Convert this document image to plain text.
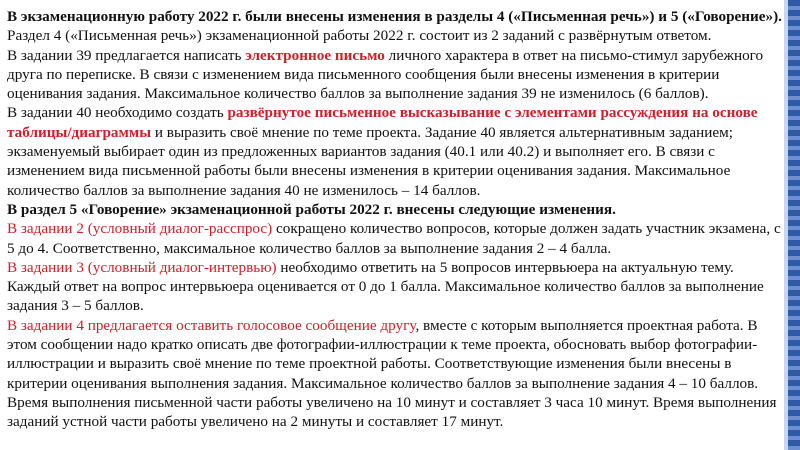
В экзаменационную работу 2022 г. были внесены изменения в разделы 4 («Письменная речь») и 5 («Говорение»).

Раздел 4 («Письменная речь») экзаменационной работы 2022 г. состоит из 2 заданий с развёрнутым ответом.

В задании 39 предлагается написать электронное письмо личного характера в ответ на письмо-стимул зарубежного друга по переписке. В связи с изменением вида письменного сообщения были внесены изменения в критерии оценивания задания. Максимальное количество баллов за выполнение задания 39 не изменилось (6 баллов).

В задании 40 необходимо создать развёрнутое письменное высказывание с элементами рассуждения на основе таблицы/диаграммы и выразить своё мнение по теме проекта. Задание 40 является альтернативным заданием; экзаменуемый выбирает один из предложенных вариантов задания (40.1 или 40.2) и выполняет его. В связи с изменением вида письменной работы были внесены изменения в критерии оценивания задания. Максимальное количество баллов за выполнение задания 40 не изменилось – 14 баллов.

В раздел 5 «Говорение» экзаменационной работы 2022 г. внесены следующие изменения.

В задании 2 (условный диалог-расспрос) сокращено количество вопросов, которые должен задать участник экзамена, с 5 до 4. Соответственно, максимальное количество баллов за выполнение задания 2 – 4 балла.

В задании 3 (условный диалог-интервью) необходимо ответить на 5 вопросов интервьюера на актуальную тему. Каждый ответ на вопрос интервьюера оценивается от 0 до 1 балла. Максимальное количество баллов за выполнение задания 3 – 5 баллов.

В задании 4 предлагается оставить голосовое сообщение другу, вместе с которым выполняется проектная работа. В этом сообщении надо кратко описать две фотографии-иллюстрации к теме проекта, обосновать выбор фотографии-иллюстрации и выразить своё мнение по теме проектной работы. Соответствующие изменения были внесены в критерии оценивания выполнения задания. Максимальное количество баллов за выполнение задания 4 – 10 баллов.

Время выполнения письменной части работы увеличено на 10 минут и составляет 3 часа 10 минут. Время выполнения заданий устной части работы увеличено на 2 минуты и составляет 17 минут.
